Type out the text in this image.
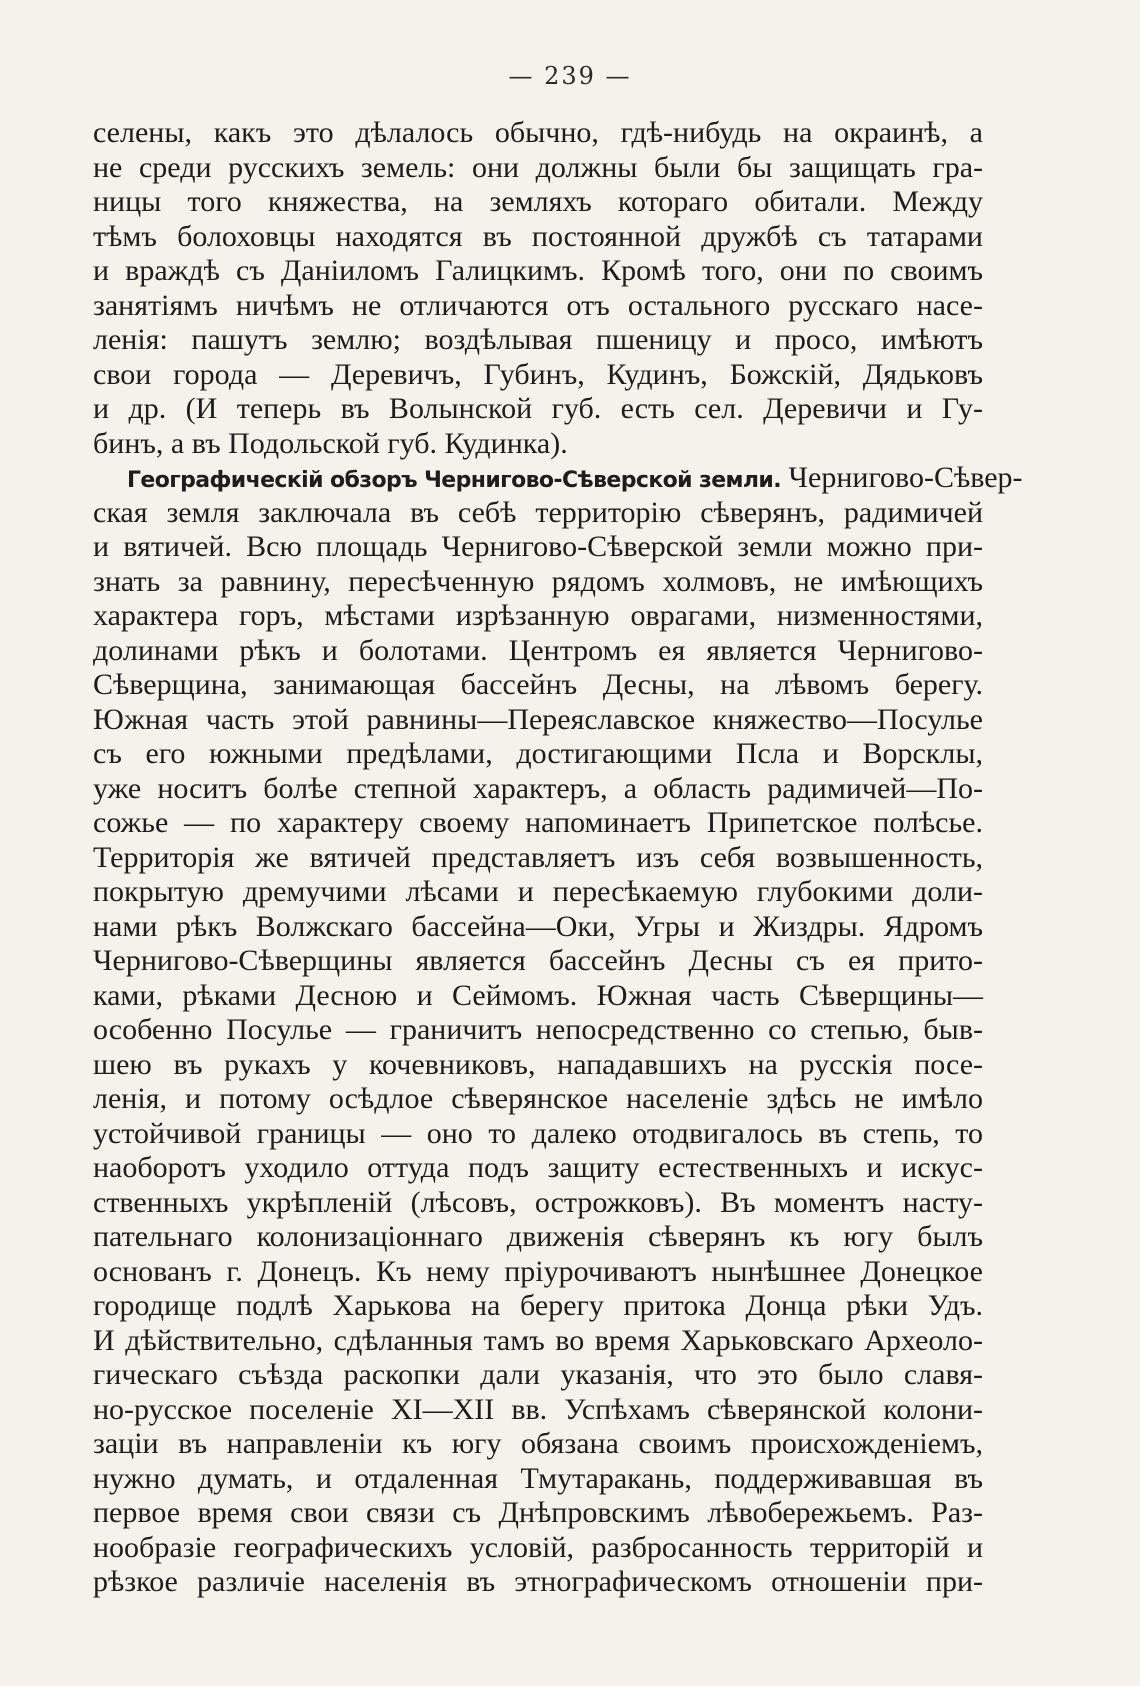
— 239 —
селены, какъ это дѣлалось обычно, гдѣ-нибудь на окраинѣ, а
не среди русскихъ земель: они должны были бы защищать гра-
ницы того княжества, на земляхъ котораго обитали. Между
тѣмъ болоховцы находятся въ постоянной дружбѣ съ татарами
и враждѣ съ Даніиломъ Галицкимъ. Кромѣ того, они по своимъ
занятіямъ ничѣмъ не отличаются отъ остального русскаго насе-
ленія: пашутъ землю; воздѣлывая пшеницу и просо, имѣютъ
свои города — Деревичъ, Губинъ, Кудинъ, Божскій, Дядьковъ
и др. (И теперь въ Волынской губ. есть сел. Деревичи и Гу-
бинъ, а въ Подольской губ. Кудинка).
Географическій обзоръ Чернигово-Сѣверской земли. Чернигово-Сѣвер-
ская земля заключала въ себѣ территорію сѣверянъ, радимичей
и вятичей. Всю площадь Чернигово-Сѣверской земли можно при-
знать за равнину, пересѣченную рядомъ холмовъ, не имѣющихъ
характера горъ, мѣстами изрѣзанную оврагами, низменностями,
долинами рѣкъ и болотами. Центромъ ея является Чернигово-
Сѣверщина, занимающая бассейнъ Десны, на лѣвомъ берегу.
Южная часть этой равнины—Переяславское княжество—Посулье
съ его южными предѣлами, достигающими Псла и Ворсклы,
уже носитъ болѣе степной характеръ, а область радимичей—По-
сожье — по характеру своему напоминаетъ Припетское полѣсье.
Территорія же вятичей представляетъ изъ себя возвышенность,
покрытую дремучими лѣсами и пересѣкаемую глубокими доли-
нами рѣкъ Волжскаго бассейна—Оки, Угры и Жиздры. Ядромъ
Чернигово-Сѣверщины является бассейнъ Десны съ ея прито-
ками, рѣками Десною и Сеймомъ. Южная часть Сѣверщины—
особенно Посулье — граничитъ непосредственно со степью, быв-
шею въ рукахъ у кочевниковъ, нападавшихъ на русскія посе-
ленія, и потому осѣдлое сѣверянское населеніе здѣсь не имѣло
устойчивой границы — оно то далеко отодвигалось въ степь, то
наоборотъ уходило оттуда подъ защиту естественныхъ и искус-
ственныхъ укрѣпленій (лѣсовъ, острожковъ). Въ моментъ насту-
пательнаго колонизаціоннаго движенія сѣверянъ къ югу былъ
основанъ г. Донецъ. Къ нему пріурочиваютъ нынѣшнее Донецкое
городище подлѣ Харькова на берегу притока Донца рѣки Удъ.
И дѣйствительно, сдѣланныя тамъ во время Харьковскаго Археоло-
гическаго съѣзда раскопки дали указанія, что это было славя-
но-русское поселеніе XI—XII вв. Успѣхамъ сѣверянской колони-
заціи въ направленіи къ югу обязана своимъ происхожденіемъ,
нужно думать, и отдаленная Тмутаракань, поддерживавшая въ
первое время свои связи съ Днѣпровскимъ лѣвобережьемъ. Раз-
нообразіе географическихъ условій, разбросанность территорій и
рѣзкое различіе населенія въ этнографическомъ отношеніи при-
